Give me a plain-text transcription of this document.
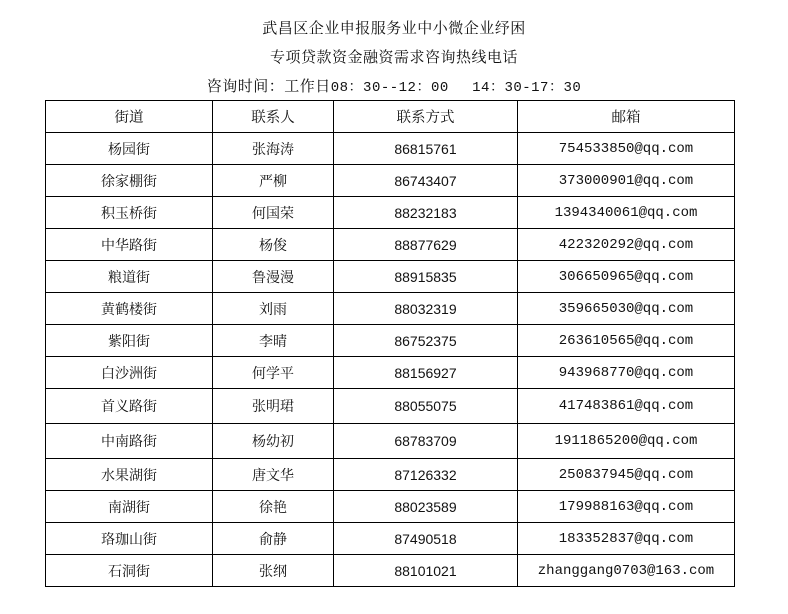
武昌区企业申报服务业中小微企业纾困
专项贷款资金融资需求咨询热线电话
咨询时间：工作日08：30--12：00　 14：30-17：30
街道	联系人	联系方式	邮箱
杨园街	张海涛	86815761	754533850@qq.com
徐家棚街	严柳	86743407	373000901@qq.com
积玉桥街	何国荣	88232183	1394340061@qq.com
中华路街	杨俊	88877629	422320292@qq.com
粮道街	鲁漫漫	88915835	306650965@qq.com
黄鹤楼街	刘雨	88032319	359665030@qq.com
紫阳街	李晴	86752375	263610565@qq.com
白沙洲街	何学平	88156927	943968770@qq.com
首义路街	张明珺	88055075	417483861@qq.com
中南路街	杨幼初	68783709	1911865200@qq.com
水果湖街	唐文华	87126332	250837945@qq.com
南湖街	徐艳	88023589	179988163@qq.com
珞珈山街	俞静	87490518	183352837@qq.com
石洞街	张纲	88101021	zhanggang0703@163.com
